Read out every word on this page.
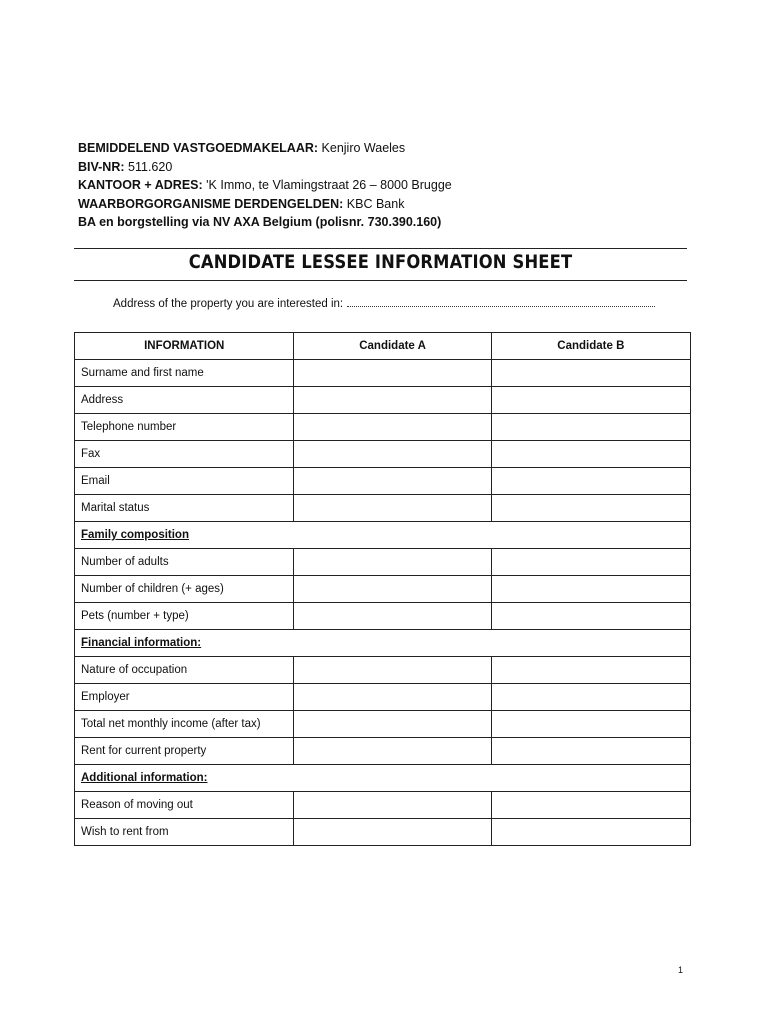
BEMIDDELEND VASTGOEDMAKELAAR: Kenjiro Waeles
BIV-NR: 511.620
KANTOOR + ADRES: 'K Immo, te Vlamingstraat 26 – 8000 Brugge
WAARBORGORGANISME DERDENGELDEN: KBC Bank
BA en borgstelling via NV AXA Belgium (polisnr. 730.390.160)
CANDIDATE LESSEE INFORMATION SHEET
Address of the property you are interested in:
INFORMATION	Candidate A	Candidate B
Surname and first name		
Address		
Telephone number		
Fax		
Email		
Marital status		
Family composition		
Number of adults		
Number of children (+ ages)		
Pets (number + type)		
Financial information:		
Nature of occupation		
Employer		
Total net monthly income (after tax)		
Rent for current property		
Additional information:		
Reason of moving out		
Wish to rent from		
1
